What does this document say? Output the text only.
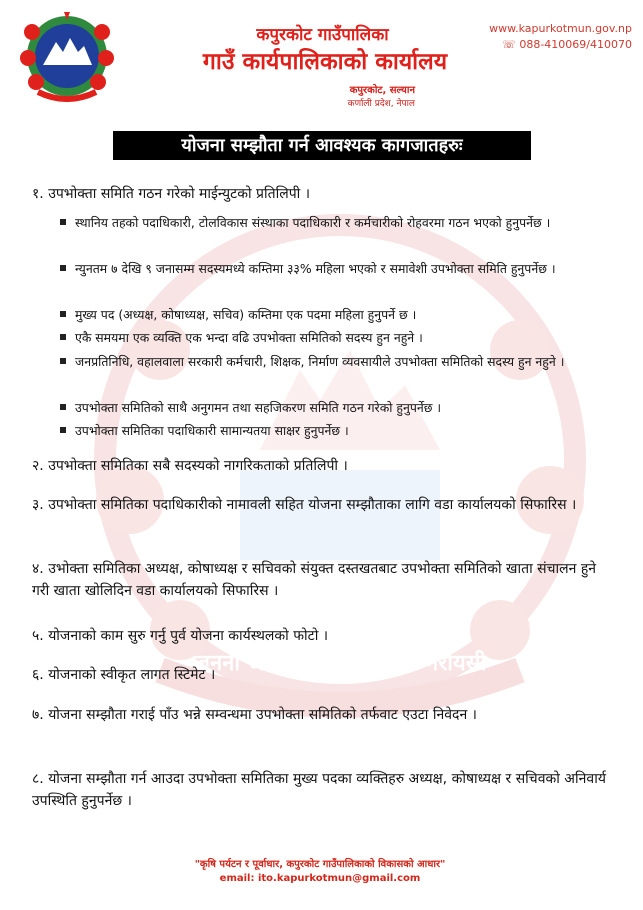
जननी जन्मभूमिश्च स्वर्गादपि गरीयसी
कपुरकोट गाउँपालिका
गाउँ कार्यपालिकाको कार्यालय
कपुरकोट, सल्यान
कर्णाली प्रदेश, नेपाल
www.kapurkotmun.gov.np
☏ 088-410069/410070
योजना सम्झौता गर्न आवश्यक कागजातहरुः
१. उपभोक्ता समिति गठन गरेको माईन्युटको प्रतिलिपी ।
स्थानिय तहको पदाधिकारी, टोलविकास संस्थाका पदाधिकारी र कर्मचारीको रोहवरमा गठन भएको हुनुपर्नेछ ।
न्युनतम ७ देखि ९ जनासम्म सदस्यमध्ये कम्तिमा ३३% महिला भएको र समावेशी उपभोक्ता समिति हुनुपर्नेछ ।
मुख्य पद (अध्यक्ष, कोषाध्यक्ष, सचिव) कम्तिमा एक पदमा महिला हुनुपर्ने छ ।
एकै समयमा एक व्यक्ति एक भन्दा वढि उपभोक्ता समितिको सदस्य हुन नहुने ।
जनप्रतिनिधि, वहालवाला सरकारी कर्मचारी, शिक्षक, निर्माण व्यवसायीले उपभोक्ता समितिको सदस्य हुन नहुने ।
उपभोक्ता समितिको साथै अनुगमन तथा सहजिकरण समिति गठन गरेको हुनुपर्नेछ ।
उपभोक्ता समितिका पदाधिकारी सामान्यतया साक्षर हुनुपर्नेछ ।
२. उपभोक्ता समितिका सबै सदस्यको नागरिकताको प्रतिलिपी ।
३. उपभोक्ता समितिका पदाधिकारीको नामावली सहित योजना सम्झौताका लागि वडा कार्यालयको सिफारिस ।
४. उभोक्ता समितिका अध्यक्ष, कोषाध्यक्ष र सचिवको संयुक्त दस्तखतबाट उपभोक्ता समितिको खाता संचालन हुने गरी खाता खोलिदिन वडा कार्यालयको सिफारिस ।
५. योजनाको काम सुरु गर्नु पुर्व योजना कार्यस्थलको फोटो ।
६. योजनाको स्वीकृत लागत स्टिमेट ।
७. योजना सम्झौता गराई पाँउ भन्ने सम्वन्धमा उपभोक्ता समितिको तर्फवाट एउटा निवेदन ।
८. योजना सम्झौता गर्न आउदा उपभोक्ता समितिका मुख्य पदका व्यक्तिहरु अध्यक्ष, कोषाध्यक्ष र सचिवको अनिवार्य उपस्थिति हुनुपर्नेछ ।
"कृषि पर्यटन र पूर्वाधार, कपुरकोट गाउँपालिकाको विकासको आधार"
email: ito.kapurkotmun@gmail.com
